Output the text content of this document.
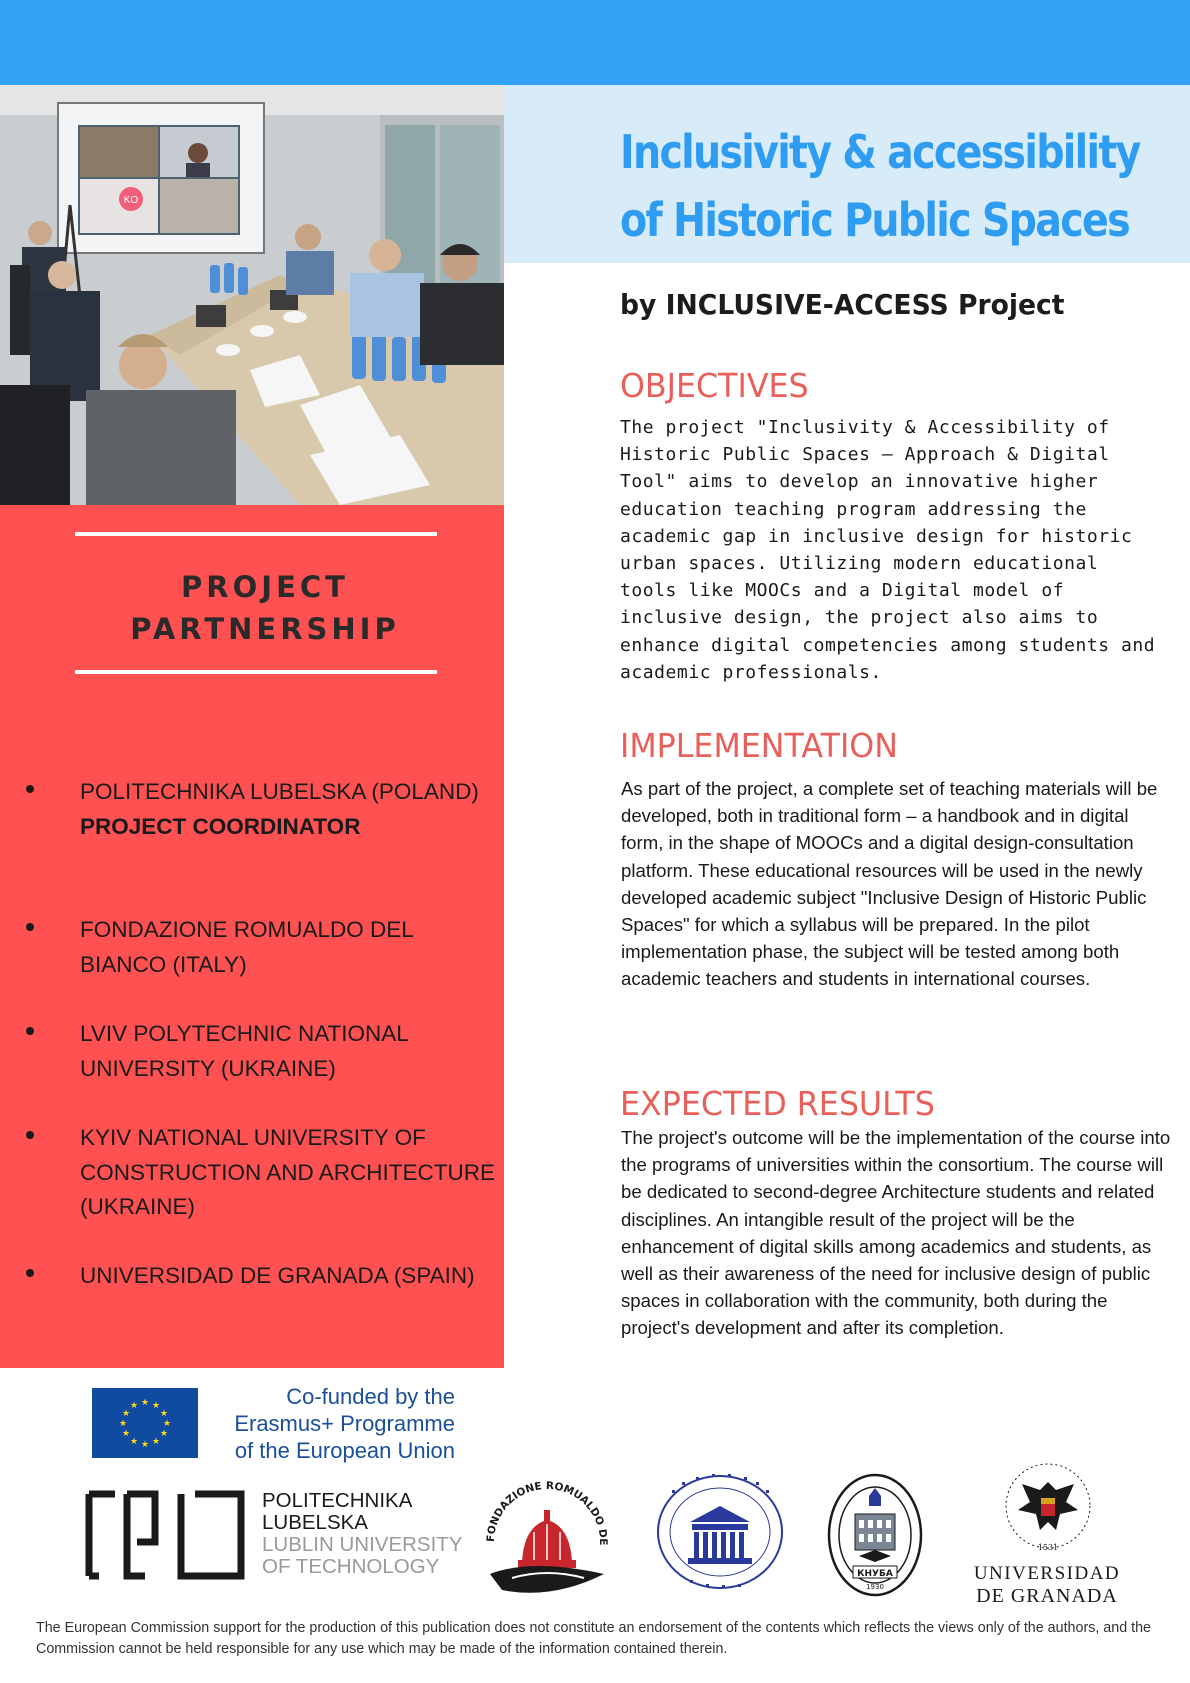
KO
Inclusivity & accessibility
of Historic Public Spaces
by INCLUSIVE-ACCESS Project
OBJECTIVES
The project "Inclusivity & Accessibility of Historic Public Spaces – Approach & Digital Tool" aims to develop an innovative higher education teaching program addressing the academic gap in inclusive design for historic urban spaces. Utilizing modern educational tools like MOOCs and a Digital model of inclusive design, the project also aims to enhance digital competencies among students and academic professionals.
IMPLEMENTATION
As part of the project, a complete set of teaching materials will be developed, both in traditional form – a handbook and in digital form, in the shape of MOOCs and a digital design-consultation platform. These educational resources will be used in the newly developed academic subject "Inclusive Design of Historic Public Spaces" for which a syllabus will be prepared. In the pilot implementation phase, the subject will be tested among both academic teachers and students in international courses.
EXPECTED RESULTS
The project's outcome will be the implementation of the course into the programs of universities within the consortium. The course will be dedicated to second-degree Architecture students and related disciplines. An intangible result of the project will be the enhancement of digital skills among academics and students, as well as their awareness of the need for inclusive design of public spaces in collaboration with the community, both during the project's development and after its completion.
PROJECT
PARTNERSHIP
POLITECHNIKA LUBELSKA (POLAND)
PROJECT COORDINATOR
FONDAZIONE ROMUALDO DEL BIANCO (ITALY)
LVIV POLYTECHNIC NATIONAL UNIVERSITY (UKRAINE)
KYIV NATIONAL UNIVERSITY OF CONSTRUCTION AND ARCHITECTURE (UKRAINE)
UNIVERSIDAD DE GRANADA (SPAIN)
★ ★
★
★
★
★
★
★
★
★
★
★	Co-funded by the
Erasmus+ Programme
of the European Union
POLITECHNIKA
LUBELSKA
LUBLIN UNIVERSITY
OF TECHNOLOGY
FONDAZIONE ROMUALDO DE
КНУБА
1930
1531
UNIVERSIDAD
DE GRANADA
The European Commission support for the production of this publication does not constitute an endorsement of the contents which reflects the views only of the authors, and the Commission cannot be held responsible for any use which may be made of the information contained therein.
